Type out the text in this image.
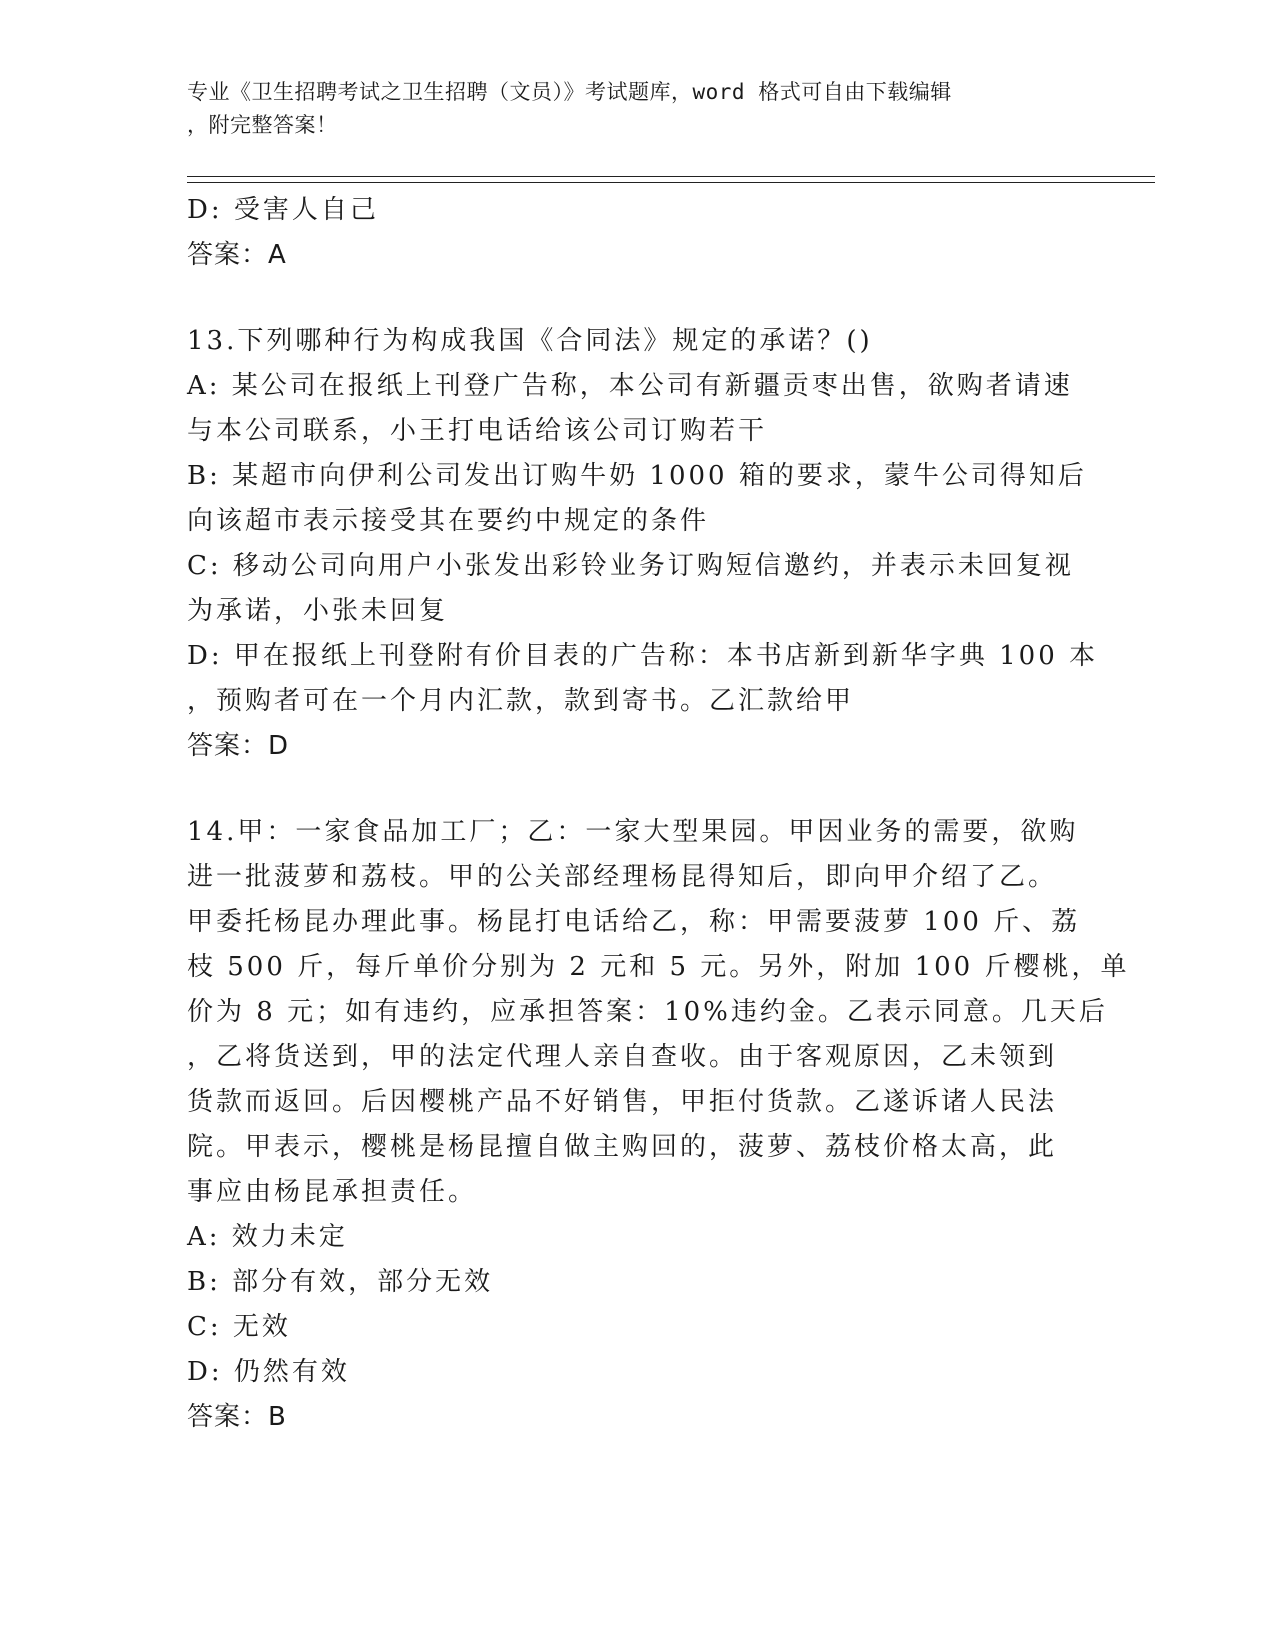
专业《卫生招聘考试之卫生招聘（文员）》考试题库，word 格式可自由下载编辑
，附完整答案！
D: 受害人自己
答案：A
13.下列哪种行为构成我国《合同法》规定的承诺？()
A: 某公司在报纸上刊登广告称，本公司有新疆贡枣出售，欲购者请速
与本公司联系，小王打电话给该公司订购若干
B: 某超市向伊利公司发出订购牛奶 1000 箱的要求，蒙牛公司得知后
向该超市表示接受其在要约中规定的条件
C: 移动公司向用户小张发出彩铃业务订购短信邀约，并表示未回复视
为承诺，小张未回复
D: 甲在报纸上刊登附有价目表的广告称：本书店新到新华字典 100 本
，预购者可在一个月内汇款，款到寄书。乙汇款给甲
答案：D
14.甲：一家食品加工厂；乙：一家大型果园。甲因业务的需要，欲购
进一批菠萝和荔枝。甲的公关部经理杨昆得知后，即向甲介绍了乙。
甲委托杨昆办理此事。杨昆打电话给乙，称：甲需要菠萝 100 斤、荔
枝 500 斤，每斤单价分别为 2 元和 5 元。另外，附加 100 斤樱桃，单
价为 8 元；如有违约，应承担答案：10%违约金。乙表示同意。几天后
，乙将货送到，甲的法定代理人亲自查收。由于客观原因，乙未领到
货款而返回。后因樱桃产品不好销售，甲拒付货款。乙遂诉诸人民法
院。甲表示，樱桃是杨昆擅自做主购回的，菠萝、荔枝价格太高，此
事应由杨昆承担责任。
A: 效力未定
B: 部分有效，部分无效
C: 无效
D: 仍然有效
答案：B
